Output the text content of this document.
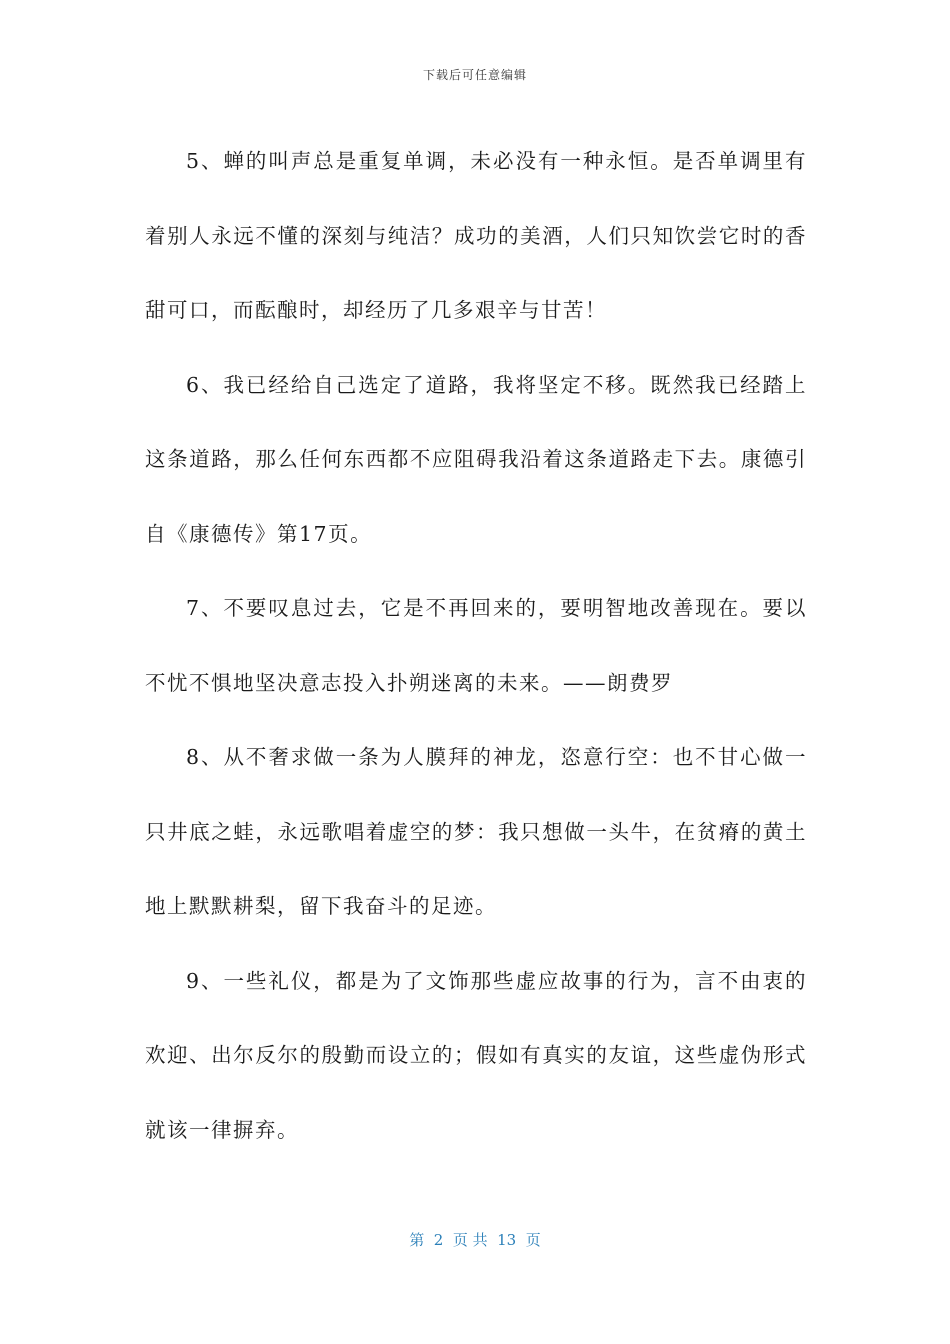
下载后可任意编辑

5、蝉的叫声总是重复单调，未必没有一种永恒。是否单调里有着别人永远不懂的深刻与纯洁？成功的美酒，人们只知饮尝它时的香甜可口，而酝酿时，却经历了几多艰辛与甘苦！

6、我已经给自己选定了道路，我将坚定不移。既然我已经踏上这条道路，那么任何东西都不应阻碍我沿着这条道路走下去。康德引自《康德传》第17页。

7、不要叹息过去，它是不再回来的，要明智地改善现在。要以不忧不惧地坚决意志投入扑朔迷离的未来。——朗费罗

8、从不奢求做一条为人膜拜的神龙，恣意行空：也不甘心做一只井底之蛙，永远歌唱着虚空的梦：我只想做一头牛，在贫瘠的黄土地上默默耕梨，留下我奋斗的足迹。

9、一些礼仪，都是为了文饰那些虚应故事的行为，言不由衷的欢迎、出尔反尔的殷勤而设立的；假如有真实的友谊，这些虚伪形式就该一律摒弃。

第  2  页 共  13  页
